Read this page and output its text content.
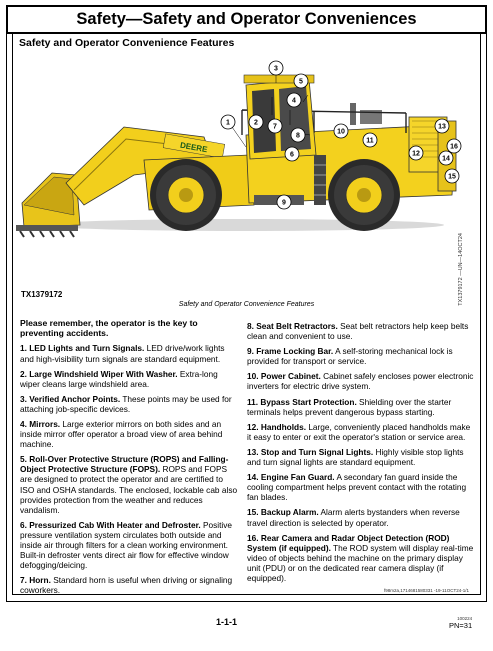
Safety—Safety and Operator Conveniences
Safety and Operator Convenience Features
DEERE
1	2
3
4
5
6
7
8
9
10
11
12
13
14
15
16
TX1379172 —UN—14OCT24
TX1379172
Safety and Operator Convenience Features
Please remember, the operator is the key to preventing accidents.
1. LED Lights and Turn Signals. LED drive/work lights and high-visibility turn signals are standard equipment.
2. Large Windshield Wiper With Washer. Extra-long wiper cleans large windshield area.
3. Verified Anchor Points. These points may be used for attaching job-specific devices.
4. Mirrors. Large exterior mirrors on both sides and an inside mirror offer operator a broad view of area behind machine.
5. Roll-Over Protective Structure (ROPS) and Falling-Object Protective Structure (FOPS). ROPS and FOPS are designed to protect the operator and are certified to ISO and OSHA standards. The enclosed, lockable cab also provides protection from the weather and reduces vandalism.
6. Pressurized Cab With Heater and Defroster. Positive pressure ventilation system circulates both outside and inside air through filters for a clean working environment. Built-in defroster vents direct air flow for effective window defogging/deicing.
7. Horn. Standard horn is useful when driving or signaling coworkers.
8. Seat Belt Retractors. Seat belt retractors help keep belts clean and convenient to use.
9. Frame Locking Bar. A self-storing mechanical lock is provided for transport or service.
10. Power Cabinet. Cabinet safely encloses power electronic inverters for electric drive system.
11. Bypass Start Protection. Shielding over the starter terminals helps prevent dangerous bypass starting.
12. Handholds. Large, conveniently placed handholds make it easy to enter or exit the operator's station or service area.
13. Stop and Turn Signal Lights. Highly visible stop lights and turn signal lights are standard equipment.
14. Engine Fan Guard. A secondary fan guard inside the cooling compartment helps prevent contact with the rotating fan blades.
15. Backup Alarm. Alarm alerts bystanders when reverse travel direction is selected by operator.
16. Rear Camera and Radar Object Detection (ROD) System (if equipped). The ROD system will display real-time video of objects behind the machine on the primary display unit (PDU) or on the dedicated rear camera display (if equipped).
f98m2a,1714681580331 -19-11OCT24-1/1
1-1-1	100224
PN=31
